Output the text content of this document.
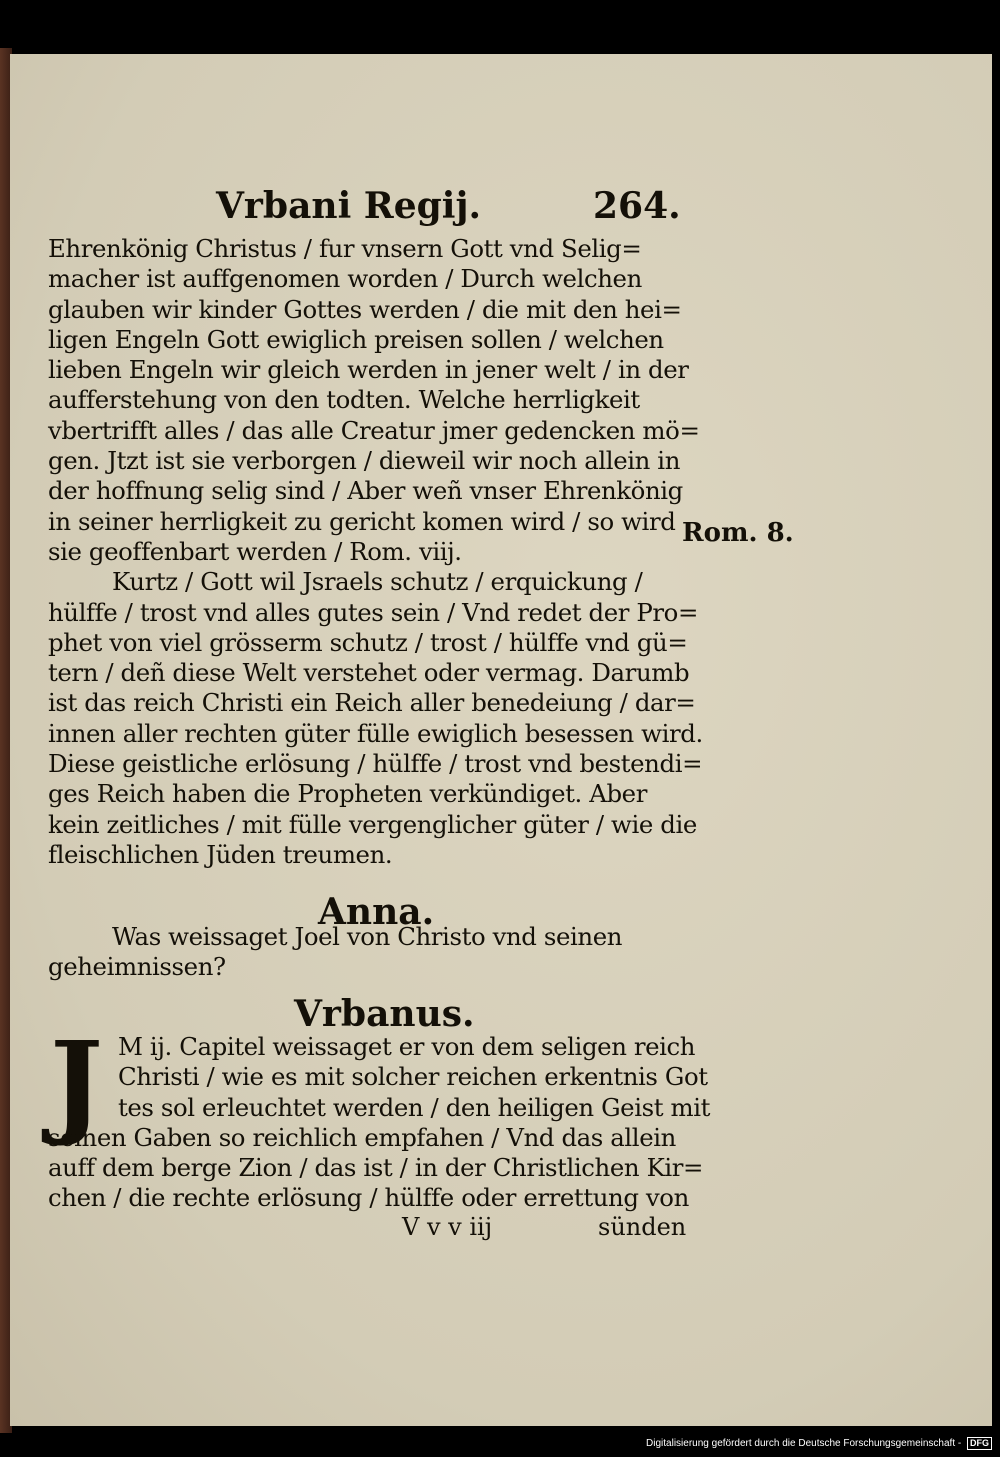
Vrbani Regij.	264.
Ehrenkönig Christus / fur vnsern Gott vnd Selig=
macher ist auffgenomen worden / Durch welchen
glauben wir kinder Gottes werden / die mit den hei=
ligen Engeln Gott ewiglich preisen sollen / welchen
lieben Engeln wir gleich werden in jener welt / in der
aufferstehung von den todten. Welche herrligkeit
vbertrifft alles / das alle Creatur jmer gedencken mö=
gen. Jtzt ist sie verborgen / dieweil wir noch allein in
der hoffnung selig sind / Aber weñ vnser Ehrenkönig
in seiner herrligkeit zu gericht komen wird / so wird
sie geoffenbart werden / Rom. viij.
Kurtz / Gott wil Jsraels schutz / erquickung /
hülffe / trost vnd alles gutes sein / Vnd redet der Pro=
phet von viel grösserm schutz / trost / hülffe vnd gü=
tern / deñ diese Welt verstehet oder vermag. Darumb
ist das reich Christi ein Reich aller benedeiung / dar=
innen aller rechten güter fülle ewiglich besessen wird.
Diese geistliche erlösung / hülffe / trost vnd bestendi=
ges Reich haben die Propheten verkündiget. Aber
kein zeitliches / mit fülle vergenglicher güter / wie die
fleischlichen Jüden treumen.
Rom. 8.
Anna.
Was weissaget Joel von Christo vnd seinen
geheimnissen?
Vrbanus.
J M ij. Capitel weissaget er von dem seligen reich
Christi / wie es mit solcher reichen erkentnis Got
tes sol erleuchtet werden / den heiligen Geist mit
seinen Gaben so reichlich empfahen / Vnd das allein
auff dem berge Zion / das ist / in der Christlichen Kir=
chen / die rechte erlösung / hülffe oder errettung von
V v v iij	sünden
Digitalisierung gefördert durch die Deutsche Forschungsgemeinschaft - DFG
